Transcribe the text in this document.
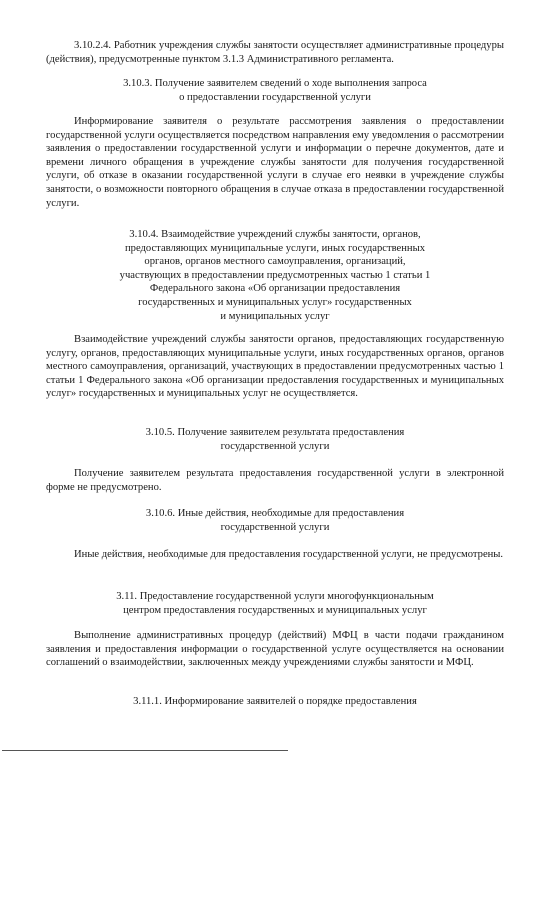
3.10.2.4. Работник учреждения службы занятости осуществляет административные процедуры (действия), предусмотренные пунктом 3.1.3 Административного регламента.

3.10.3. Получение заявителем сведений о ходе выполнения запроса
о предоставлении государственной услуги

Информирование заявителя о результате рассмотрения заявления о предоставлении государственной услуги осуществляется посредством направления ему уведомления о рассмотрении заявления о предоставлении государственной услуги и информации о перечне документов, дате и времени личного обращения в учреждение службы занятости для получения государственной услуги, об отказе в оказании государственной услуги в случае его неявки в учреждение службы занятости, о возможности повторного обращения в случае отказа в предоставлении государственной услуги.

3.10.4. Взаимодействие учреждений службы занятости, органов,
предоставляющих муниципальные услуги, иных государственных
органов, органов местного самоуправления, организаций,
участвующих в предоставлении предусмотренных частью 1 статьи 1
Федерального закона «Об организации предоставления
государственных и муниципальных услуг» государственных
и муниципальных услуг

Взаимодействие учреждений службы занятости органов, предоставляющих государственную услугу, органов, предоставляющих муниципальные услуги, иных государственных органов, органов местного самоуправления, организаций, участвующих в предоставлении предусмотренных частью 1 статьи 1 Федерального закона «Об организации предоставления государственных и муниципальных услуг» государственных и муниципальных услуг не осуществляется.

3.10.5. Получение заявителем результата предоставления
государственной услуги

Получение заявителем результата предоставления государственной услуги в электронной форме не предусмотрено.

3.10.6. Иные действия, необходимые для предоставления
государственной услуги

Иные действия, необходимые для предоставления государственной услуги, не предусмотрены.

3.11. Предоставление государственной услуги многофункциональным
центром предоставления государственных и муниципальных услуг

Выполнение административных процедур (действий) МФЦ в части подачи гражданином заявления и предоставления информации о государственной услуге осуществляется на основании соглашений о взаимодействии, заключенных между учреждениями службы занятости и МФЦ.

3.11.1. Информирование заявителей о порядке предоставления
